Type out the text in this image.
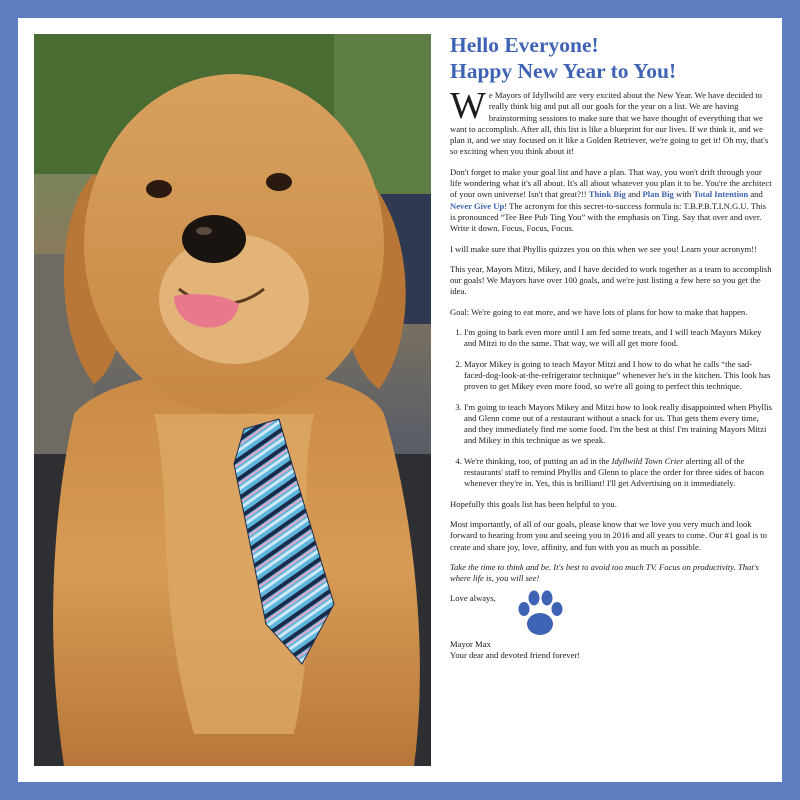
Hello Everyone!
Happy New Year to You!

We Mayors of Idyllwild are very excited about the New Year. We have decided to really think big and put all our goals for the year on a list. We are having brainstorming sessions to make sure that we have thought of everything that we want to accomplish. After all, this list is like a blueprint for our lives. If we think it, and we plan it, and we stay focused on it like a Golden Retriever, we're going to get it! Oh my, that's so exciting when you think about it!

Don't forget to make your goal list and have a plan. That way, you won't drift through your life wondering what it's all about. It's all about whatever you plan it to be. You're the architect of your own universe! Isn't that great?!! Think Big and Plan Big with Total Intention and Never Give Up! The acronym for this secret-to-success formula is: T.B.P.B.T.I.N.G.U. This is pronounced “Tee Bee Pub Ting You” with the emphasis on Ting. Say that over and over. Write it down. Focus, Focus, Focus.

I will make sure that Phyllis quizzes you on this when we see you! Learn your acronym!!

This year, Mayors Mitzi, Mikey, and I have decided to work together as a team to accomplish our goals! We Mayors have over 100 goals, and we're just listing a few here so you get the idea.

Goal: We're going to eat more, and we have lots of plans for how to make that happen.

1. I'm going to bark even more until I am fed some treats, and I will teach Mayors Mikey and Mitzi to do the same. That way, we will all get more food.
2. Mayor Mikey is going to teach Mayor Mitzi and I how to do what he calls “the sad-faced-dog-look-at-the-refrigerator technique” whenever he's in the kitchen. This look has proven to get Mikey even more food, so we're all going to perfect this technique.
3. I'm going to teach Mayors Mikey and Mitzi how to look really disappointed when Phyllis and Glenn come out of a restaurant without a snack for us. That gets them every time, and they immediately find me some food. I'm the best at this! I'm training Mayors Mitzi and Mikey in this technique as we speak.
4. We're thinking, too, of putting an ad in the Idyllwild Town Crier alerting all of the restaurants' staff to remind Phyllis and Glenn to place the order for three sides of bacon whenever they're in. Yes, this is brilliant! I'll get Advertising on it immediately.

Hopefully this goals list has been helpful to you.

Most importantly, of all of our goals, please know that we love you very much and look forward to hearing from you and seeing you in 2016 and all years to come. Our #1 goal is to create and share joy, love, affinity, and fun with you as much as possible.

Take the time to think and be. It's best to avoid too much TV. Focus on productivity. That's where life is, you will see!

Love always,

Mayor Max
Your dear and devoted friend forever!
